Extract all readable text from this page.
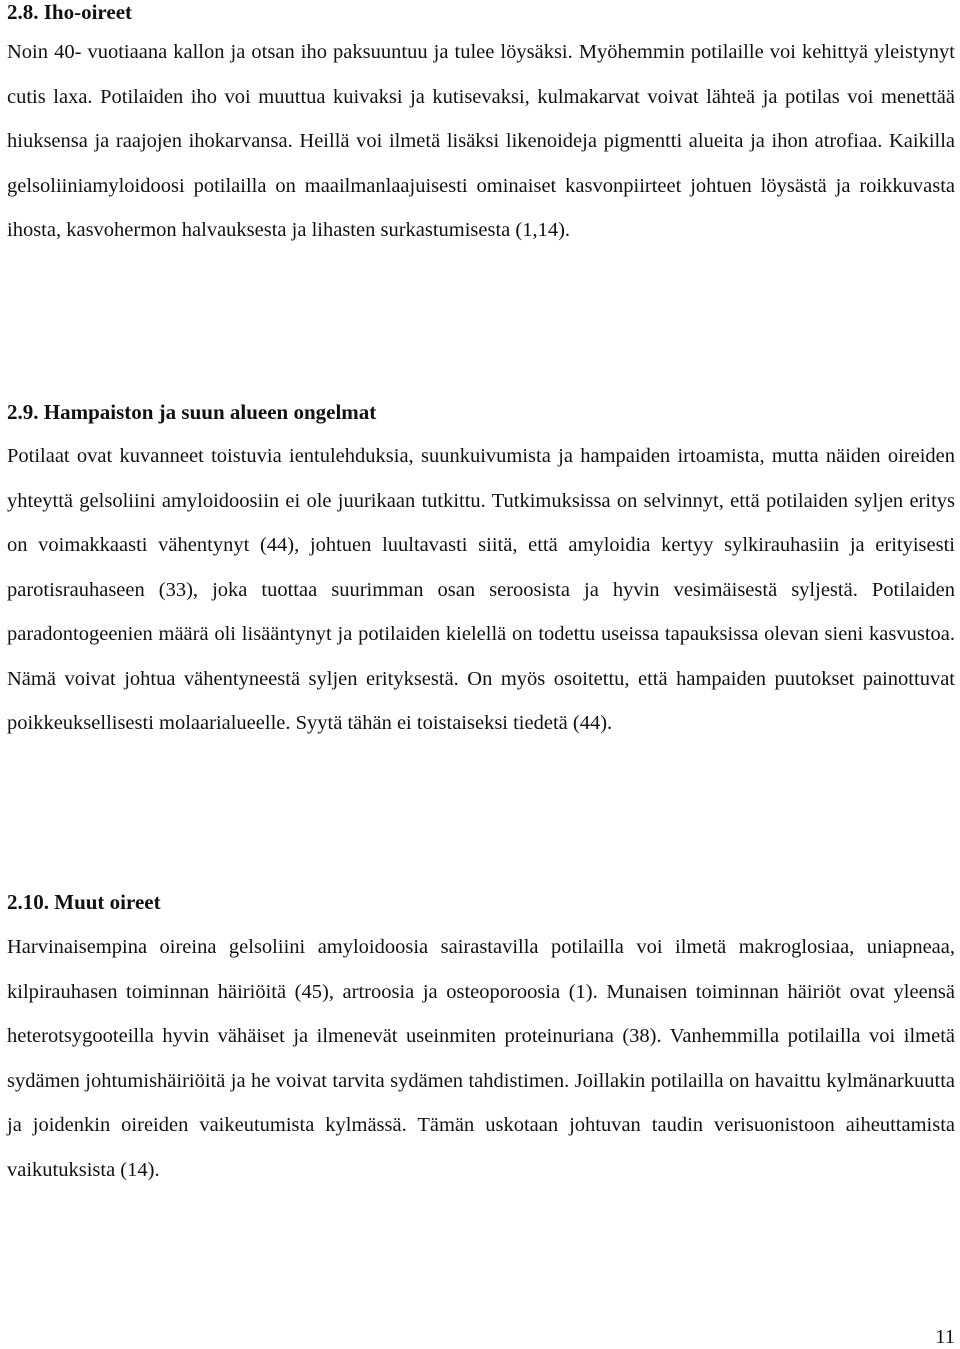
2.8. Iho-oireet

Noin 40- vuotiaana kallon ja otsan iho paksuuntuu ja tulee löysäksi. Myöhemmin potilaille voi kehittyä yleistynyt cutis laxa. Potilaiden iho voi muuttua kuivaksi ja kutisevaksi, kulmakarvat voivat lähteä ja potilas voi menettää hiuksensa ja raajojen ihokarvansa. Heillä voi ilmetä lisäksi likenoideja pigmentti alueita ja ihon atrofiaa. Kaikilla gelsoliiniamyloidoosi potilailla on maailmanlaajuisesti ominaiset kasvonpiirteet johtuen löysästä ja roikkuvasta ihosta, kasvohermon halvauksesta ja lihasten surkastumisesta (1,14).

2.9. Hampaiston ja suun alueen ongelmat

Potilaat ovat kuvanneet toistuvia ientulehduksia, suunkuivumista ja hampaiden irtoamista, mutta näiden oireiden yhteyttä gelsoliini amyloidoosiin ei ole juurikaan tutkittu. Tutkimuksissa on selvinnyt, että potilaiden syljen eritys on voimakkaasti vähentynyt (44), johtuen luultavasti siitä, että amyloidia kertyy sylkirauhasiin ja erityisesti parotisrauhaseen (33), joka tuottaa suurimman osan seroosista ja hyvin vesimäisestä syljestä. Potilaiden paradontogeenien määrä oli lisääntynyt ja potilaiden kielellä on todettu useissa tapauksissa olevan sieni kasvustoa. Nämä voivat johtua vähentyneestä syljen erityksestä. On myös osoitettu, että hampaiden puutokset painottuvat poikkeuksellisesti molaarialueelle. Syytä tähän ei toistaiseksi tiedetä (44).

2.10. Muut oireet

Harvinaisempina oireina gelsoliini amyloidoosia sairastavilla potilailla voi ilmetä makroglosiaa, uniapneaa, kilpirauhasen toiminnan häiriöitä (45), artroosia ja osteoporoosia (1). Munaisen toiminnan häiriöt ovat yleensä heterotsygooteilla hyvin vähäiset ja ilmenevät useinmiten proteinuriana (38). Vanhemmilla potilailla voi ilmetä sydämen johtumishäiriöitä ja he voivat tarvita sydämen tahdistimen. Joillakin potilailla on havaittu kylmänarkuutta ja joidenkin oireiden vaikeutumista kylmässä. Tämän uskotaan johtuvan taudin verisuonistoon aiheuttamista vaikutuksista (14).

11
